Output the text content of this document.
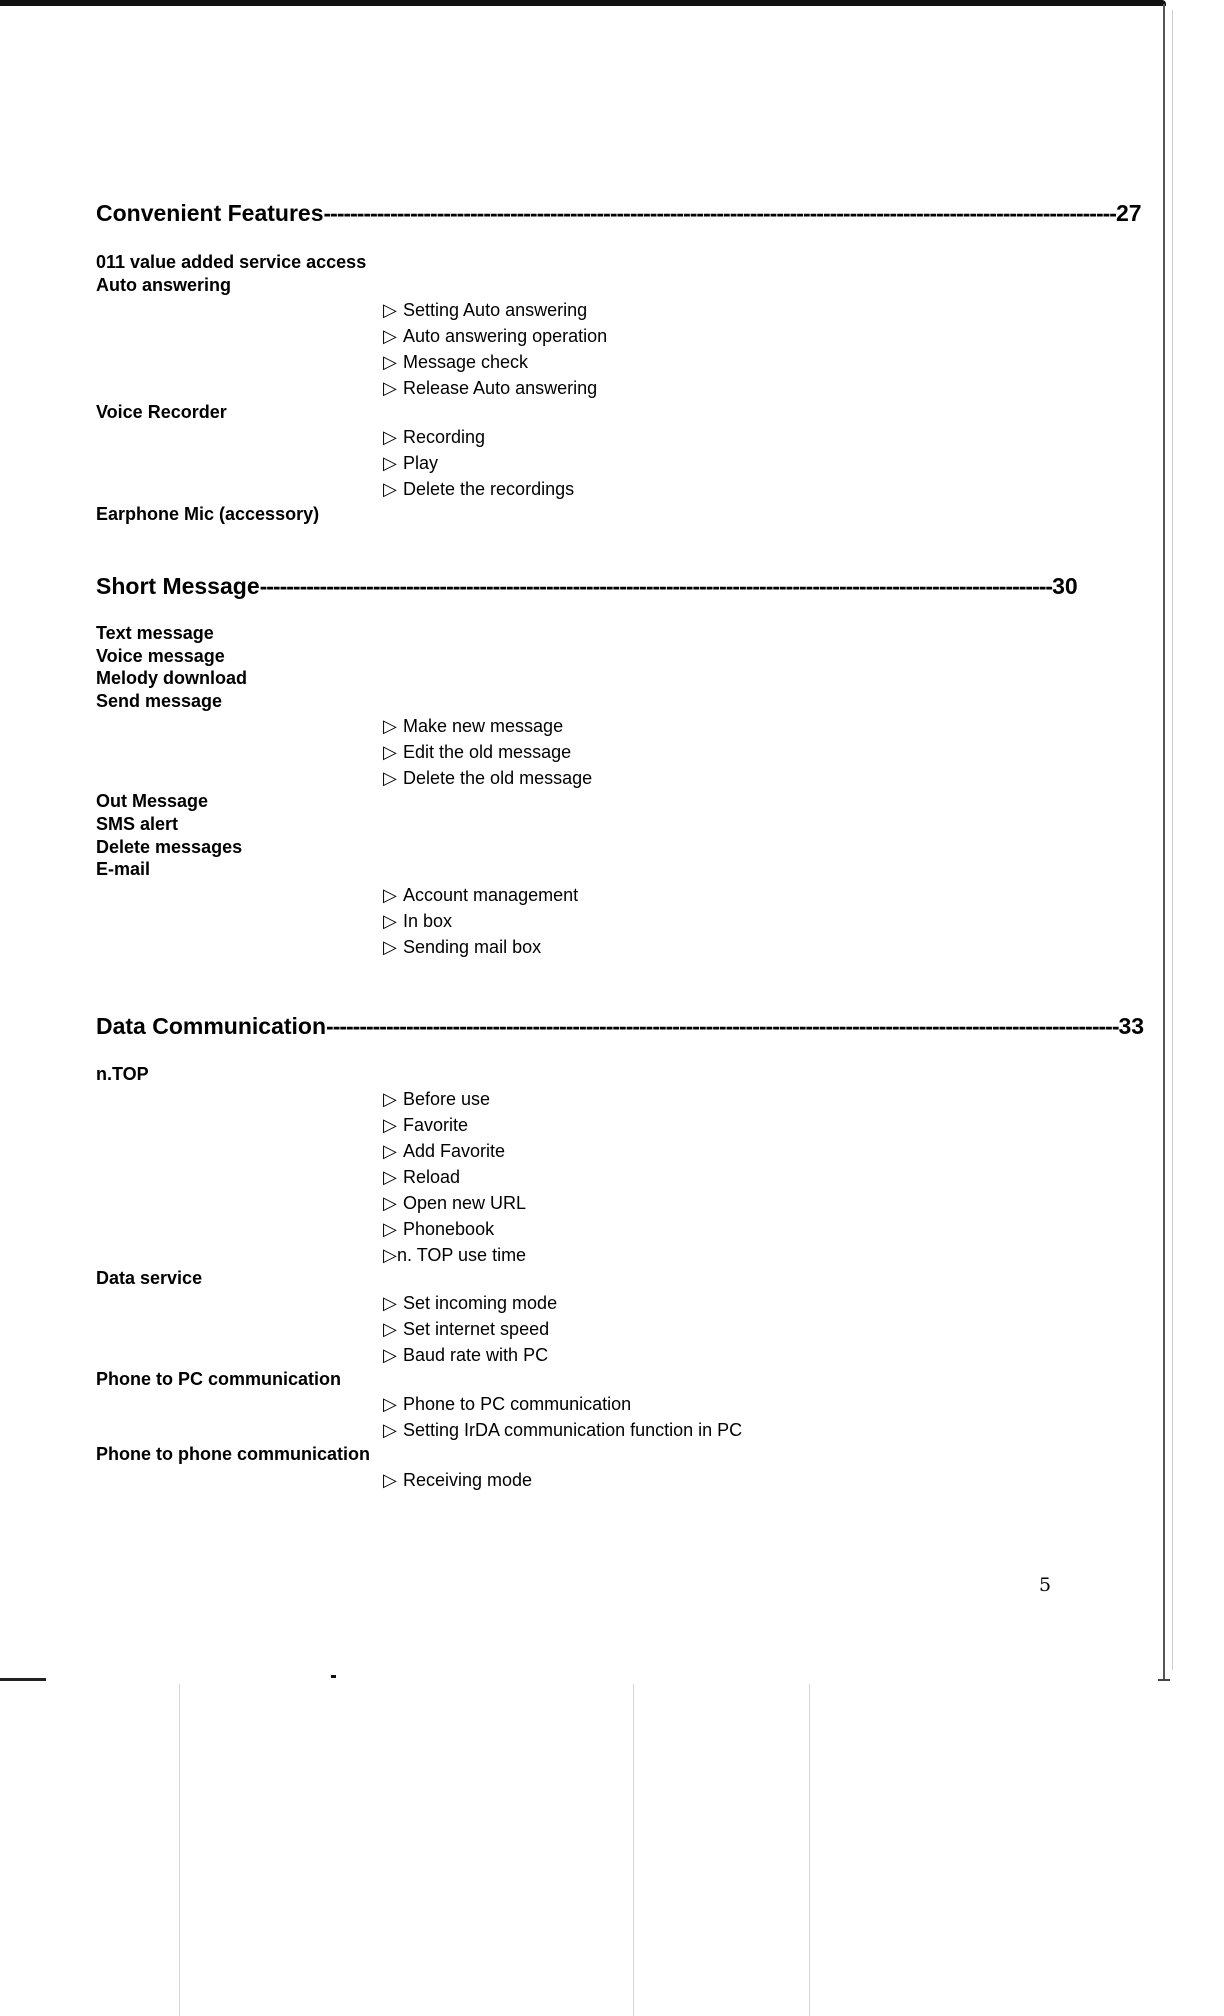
Convenient Features ----------------------------------------------------------------------------------------------------------------------- 27
011 value added service access
Auto answering
▷ Setting Auto answering
▷ Auto answering operation
▷ Message check
▷ Release Auto answering
Voice Recorder
▷ Recording
▷ Play
▷ Delete the recordings
Earphone Mic (accessory)
Short Message ----------------------------------------------------------------------------------------------------------------------- 30
Text message
Voice message
Melody download
Send message
▷ Make new message
▷ Edit the old message
▷ Delete the old message
Out Message
SMS alert
Delete messages
E-mail
▷ Account management
▷ In box
▷ Sending mail box
Data Communication ----------------------------------------------------------------------------------------------------------------------- 33
n.TOP
▷ Before use
▷ Favorite
▷ Add Favorite
▷ Reload
▷ Open new URL
▷ Phonebook
▷n. TOP use time
Data service
▷ Set incoming mode
▷ Set internet speed
▷ Baud rate with PC
Phone to PC communication
▷ Phone to PC communication
▷ Setting IrDA communication function in PC
Phone to phone communication
▷ Receiving mode
5
